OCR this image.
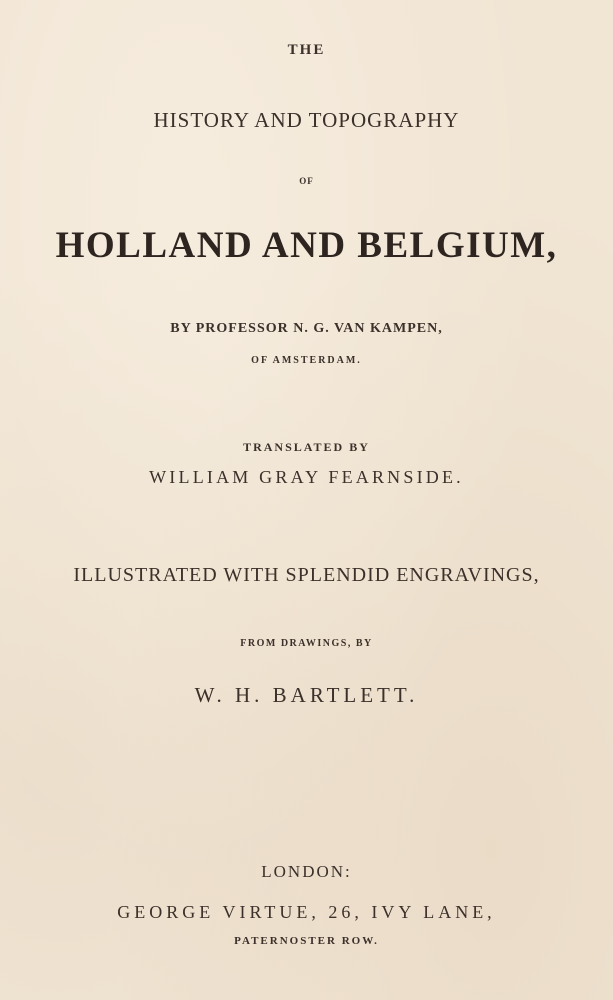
THE

HISTORY AND TOPOGRAPHY

OF

HOLLAND AND BELGIUM,

BY PROFESSOR N. G. VAN KAMPEN,

OF AMSTERDAM.

TRANSLATED BY

WILLIAM GRAY FEARNSIDE.

ILLUSTRATED WITH SPLENDID ENGRAVINGS,

FROM DRAWINGS, BY

W. H. BARTLETT.

LONDON:

GEORGE VIRTUE, 26, IVY LANE,

PATERNOSTER ROW.
